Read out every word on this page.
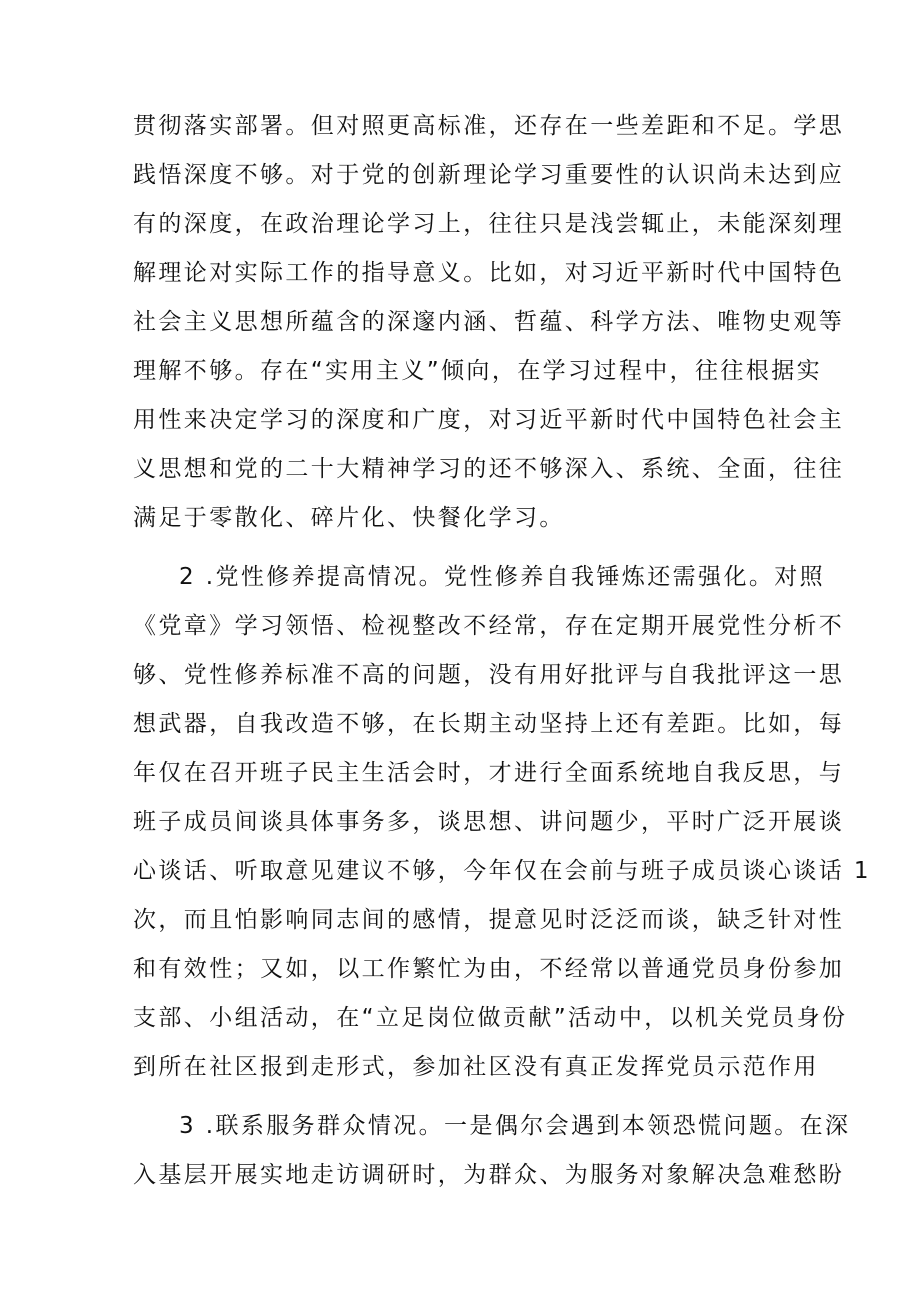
贯彻落实部署。但对照更高标准，还存在一些差距和不足。学思
践悟深度不够。对于党的创新理论学习重要性的认识尚未达到应
有的深度，在政治理论学习上，往往只是浅尝辄止，未能深刻理
解理论对实际工作的指导意义。比如，对习近平新时代中国特色
社会主义思想所蕴含的深邃内涵、哲蕴、科学方法、唯物史观等
理解不够。存在“实用主义”倾向，在学习过程中，往往根据实
用性来决定学习的深度和广度，对习近平新时代中国特色社会主
义思想和党的二十大精神学习的还不够深入、系统、全面，往往
满足于零散化、碎片化、快餐化学习。
2 .党性修养提高情况。党性修养自我锤炼还需强化。对照
《党章》学习领悟、检视整改不经常，存在定期开展党性分析不
够、党性修养标准不高的问题，没有用好批评与自我批评这一思
想武器，自我改造不够，在长期主动坚持上还有差距。比如，每
年仅在召开班子民主生活会时，才进行全面系统地自我反思，与
班子成员间谈具体事务多，谈思想、讲问题少，平时广泛开展谈
心谈话、听取意见建议不够，今年仅在会前与班子成员谈心谈话 1
次，而且怕影响同志间的感情，提意见时泛泛而谈，缺乏针对性
和有效性；又如，以工作繁忙为由，不经常以普通党员身份参加
支部、小组活动，在“立足岗位做贡献”活动中，以机关党员身份
到所在社区报到走形式，参加社区没有真正发挥党员示范作用
3 .联系服务群众情况。一是偶尔会遇到本领恐慌问题。在深
入基层开展实地走访调研时，为群众、为服务对象解决急难愁盼
